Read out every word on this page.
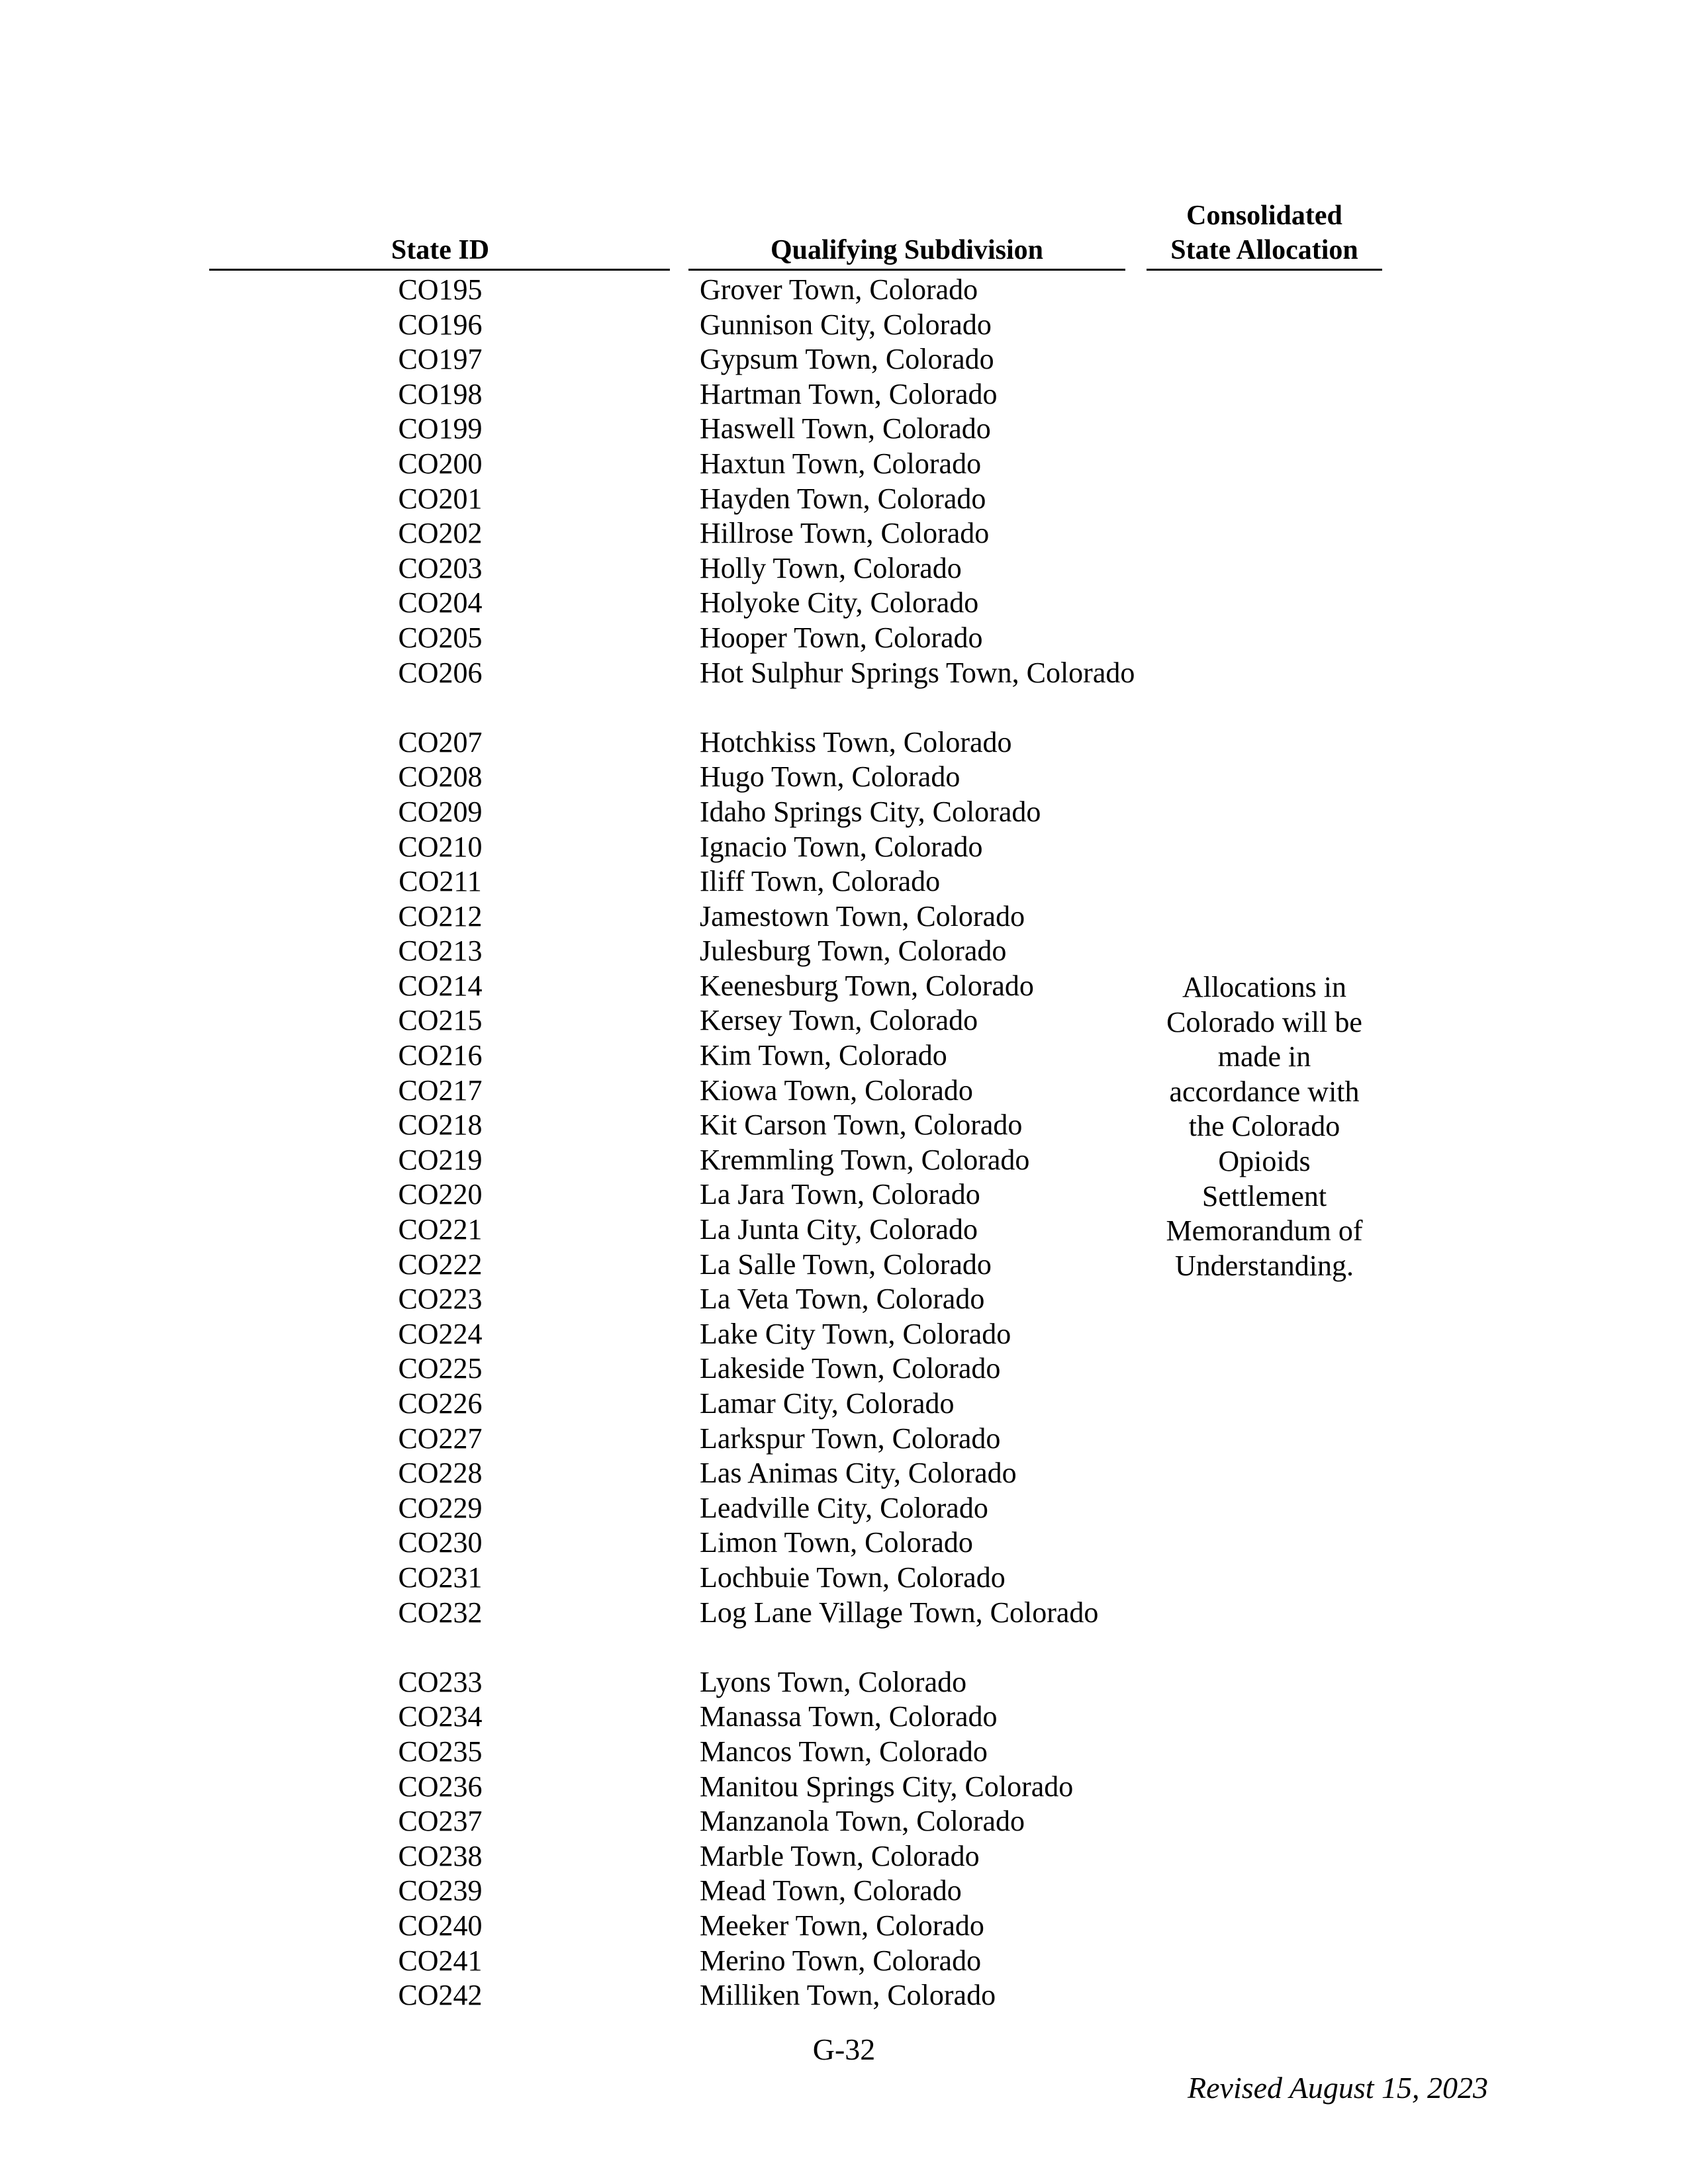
State ID	Qualifying Subdivision
Consolidated
State Allocation
CO195	Grover Town, Colorado
CO196	Gunnison City, Colorado
CO197	Gypsum Town, Colorado
CO198	Hartman Town, Colorado
CO199	Haswell Town, Colorado
CO200	Haxtun Town, Colorado
CO201	Hayden Town, Colorado
CO202	Hillrose Town, Colorado
CO203	Holly Town, Colorado
CO204	Holyoke City, Colorado
CO205	Hooper Town, Colorado
CO206	Hot Sulphur Springs Town, Colorado
CO207	Hotchkiss Town, Colorado
CO208	Hugo Town, Colorado
CO209	Idaho Springs City, Colorado
CO210	Ignacio Town, Colorado
CO211	Iliff Town, Colorado
CO212	Jamestown Town, Colorado
CO213	Julesburg Town, Colorado
CO214	Keenesburg Town, Colorado
CO215	Kersey Town, Colorado
CO216	Kim Town, Colorado
CO217	Kiowa Town, Colorado
CO218	Kit Carson Town, Colorado
CO219	Kremmling Town, Colorado
CO220	La Jara Town, Colorado
CO221	La Junta City, Colorado
CO222	La Salle Town, Colorado
CO223	La Veta Town, Colorado
CO224	Lake City Town, Colorado
CO225	Lakeside Town, Colorado
CO226	Lamar City, Colorado
CO227	Larkspur Town, Colorado
CO228	Las Animas City, Colorado
CO229	Leadville City, Colorado
CO230	Limon Town, Colorado
CO231	Lochbuie Town, Colorado
CO232	Log Lane Village Town, Colorado
CO233	Lyons Town, Colorado
CO234	Manassa Town, Colorado
CO235	Mancos Town, Colorado
CO236	Manitou Springs City, Colorado
CO237	Manzanola Town, Colorado
CO238	Marble Town, Colorado
CO239	Mead Town, Colorado
CO240	Meeker Town, Colorado
CO241	Merino Town, Colorado
CO242	Milliken Town, Colorado
Allocations in
Colorado will be
made in
accordance with
the Colorado
Opioids
Settlement
Memorandum of
Understanding.
G-32
Revised August 15, 2023
